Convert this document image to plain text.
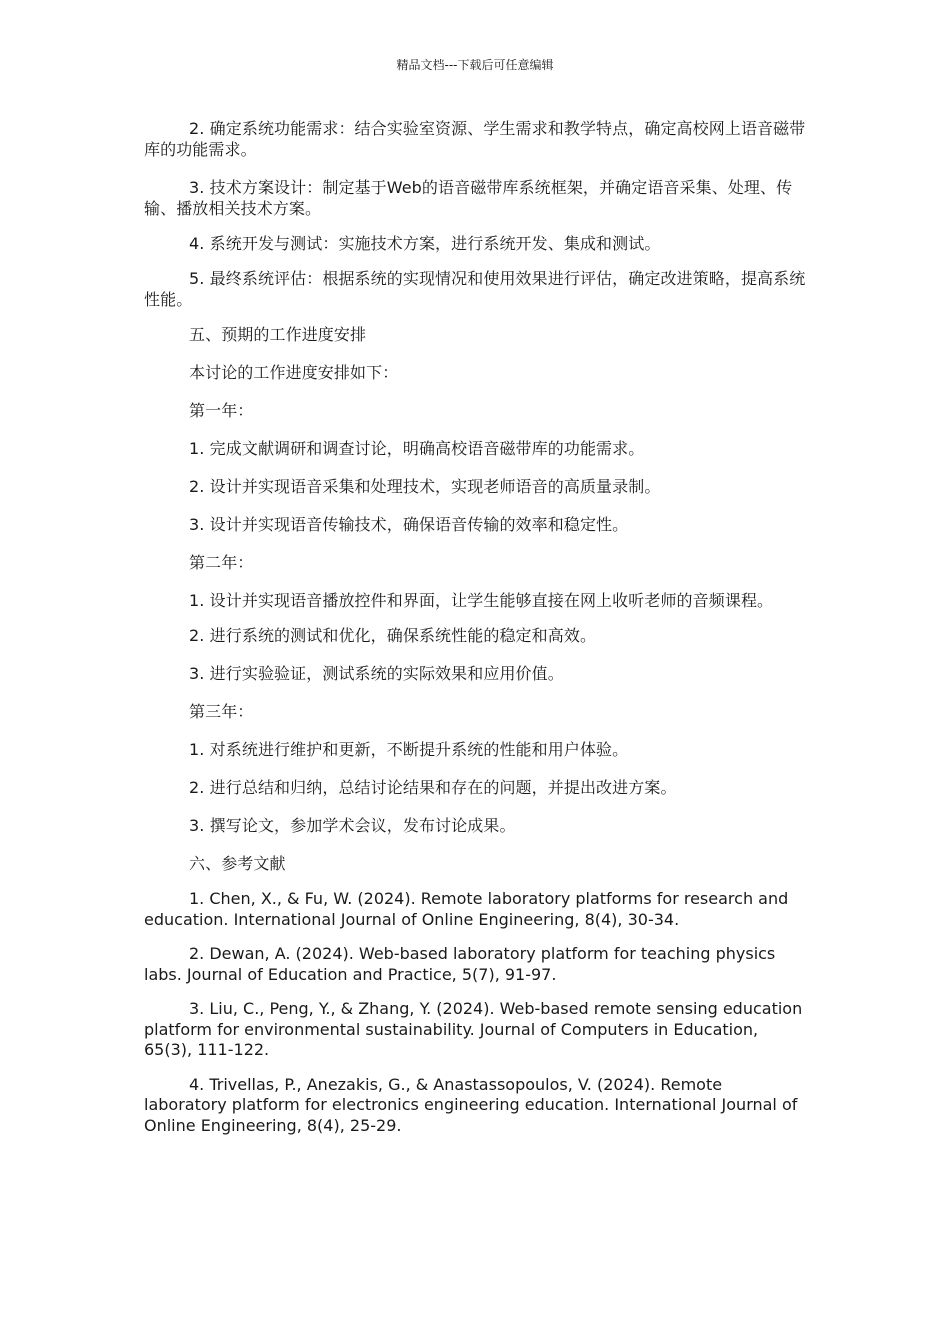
精品文档---下载后可任意编辑

2. 确定系统功能需求：结合实验室资源、学生需求和教学特点，确定高校网上语音磁带库的功能需求。

3. 技术方案设计：制定基于Web的语音磁带库系统框架，并确定语音采集、处理、传输、播放相关技术方案。

4. 系统开发与测试：实施技术方案，进行系统开发、集成和测试。

5. 最终系统评估：根据系统的实现情况和使用效果进行评估，确定改进策略，提高系统性能。

五、预期的工作进度安排

本讨论的工作进度安排如下：

第一年：

1. 完成文献调研和调查讨论，明确高校语音磁带库的功能需求。

2. 设计并实现语音采集和处理技术，实现老师语音的高质量录制。

3. 设计并实现语音传输技术，确保语音传输的效率和稳定性。

第二年：

1. 设计并实现语音播放控件和界面，让学生能够直接在网上收听老师的音频课程。

2. 进行系统的测试和优化，确保系统性能的稳定和高效。

3. 进行实验验证，测试系统的实际效果和应用价值。

第三年：

1. 对系统进行维护和更新，不断提升系统的性能和用户体验。

2. 进行总结和归纳，总结讨论结果和存在的问题，并提出改进方案。

3. 撰写论文，参加学术会议，发布讨论成果。

六、参考文献

1. Chen, X., & Fu, W. (2024). Remote laboratory platforms for research and education. International Journal of Online Engineering, 8(4), 30-34.

2. Dewan, A. (2024). Web-based laboratory platform for teaching physics labs. Journal of Education and Practice, 5(7), 91-97.

3. Liu, C., Peng, Y., & Zhang, Y. (2024). Web-based remote sensing education platform for environmental sustainability. Journal of Computers in Education, 65(3), 111-122.

4. Trivellas, P., Anezakis, G., & Anastassopoulos, V. (2024). Remote laboratory platform for electronics engineering education. International Journal of Online Engineering, 8(4), 25-29.
